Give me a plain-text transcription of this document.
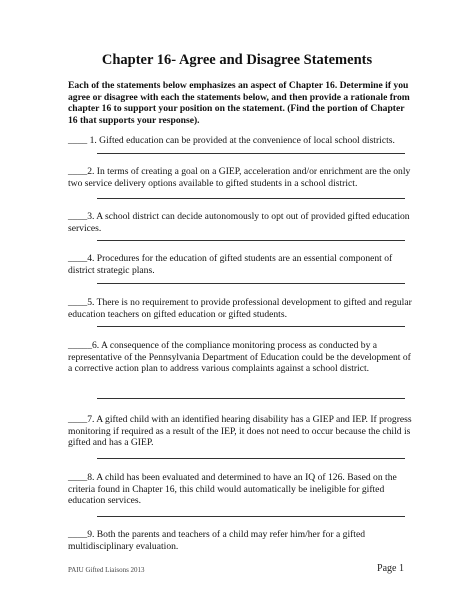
Chapter 16- Agree and Disagree Statements
Each of the statements below emphasizes an aspect of Chapter 16. Determine if you agree or disagree with each the statements below, and then provide a rationale from chapter 16 to support your position on the statement. (Find the portion of Chapter 16 that supports your response).

____ 1. Gifted education can be provided at the convenience of local school districts.

____2. In terms of creating a goal on a GIEP, acceleration and/or enrichment are the only two service delivery options available to gifted students in a school district.

____3. A school district can decide autonomously to opt out of provided gifted education services.

____4. Procedures for the education of gifted students are an essential component of district strategic plans.

____5. There is no requirement to provide professional development to gifted and regular education teachers on gifted education or gifted students.

_____6. A consequence of the compliance monitoring process as conducted by a representative of the Pennsylvania Department of Education could be the development of a corrective action plan to address various complaints against a school district.

____7. A gifted child with an identified hearing disability has a GIEP and IEP. If progress monitoring if required as a result of the IEP, it does not need to occur because the child is gifted and has a GIEP.

____8. A child has been evaluated and determined to have an IQ of 126. Based on the criteria found in Chapter 16, this child would automatically be ineligible for gifted education services.

____9. Both the parents and teachers of a child may refer him/her for a gifted multidisciplinary evaluation.

PAIU Gifted Liaisons 2013	Page 1
